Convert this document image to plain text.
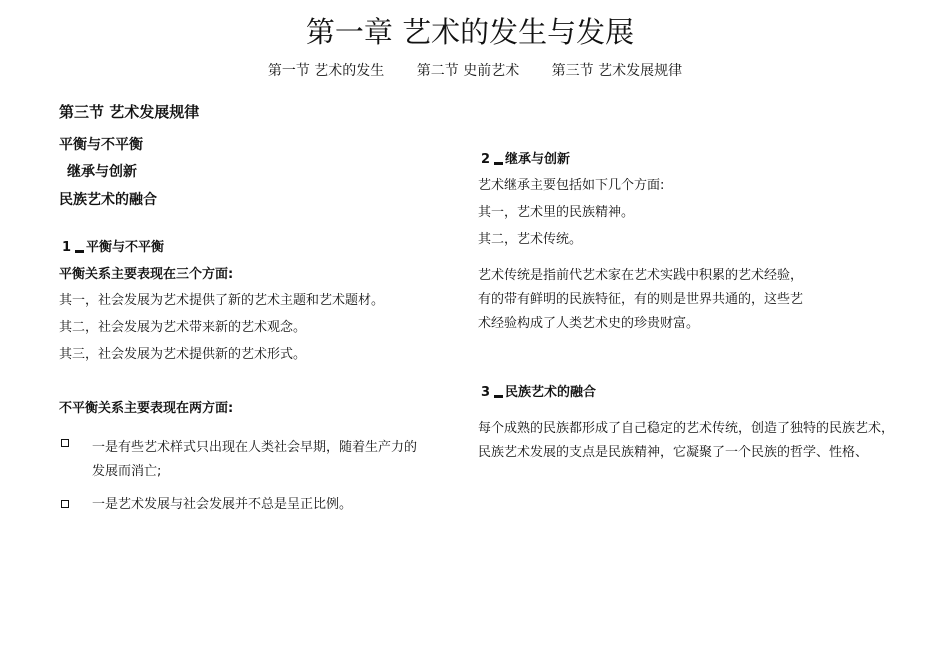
第一章 艺术的发生与发展
第一节 艺术的发生 第二节 史前艺术 第三节 艺术发展规律
第三节 艺术发展规律
平衡与不平衡
继承与创新
民族艺术的融合
1 平衡与不平衡
平衡关系主要表现在三个方面:
其一，社会发展为艺术提供了新的艺术主题和艺术题材。
其二，社会发展为艺术带来新的艺术观念。
其三，社会发展为艺术提供新的艺术形式。
不平衡关系主要表现在两方面:
一是有些艺术样式只出现在人类社会早期，随着生产力的发展而消亡;
一是艺术发展与社会发展并不总是呈正比例。
2 继承与创新
艺术继承主要包括如下几个方面:
其一，艺术里的民族精神。
其二，艺术传统。
艺术传统是指前代艺术家在艺术实践中积累的艺术经验，
有的带有鲜明的民族特征，有的则是世界共通的，这些艺
术经验构成了人类艺术史的珍贵财富。
3 民族艺术的融合
每个成熟的民族都形成了自己稳定的艺术传统，创造了独特的民族艺术，
民族艺术发展的支点是民族精神，它凝聚了一个民族的哲学、性格、
